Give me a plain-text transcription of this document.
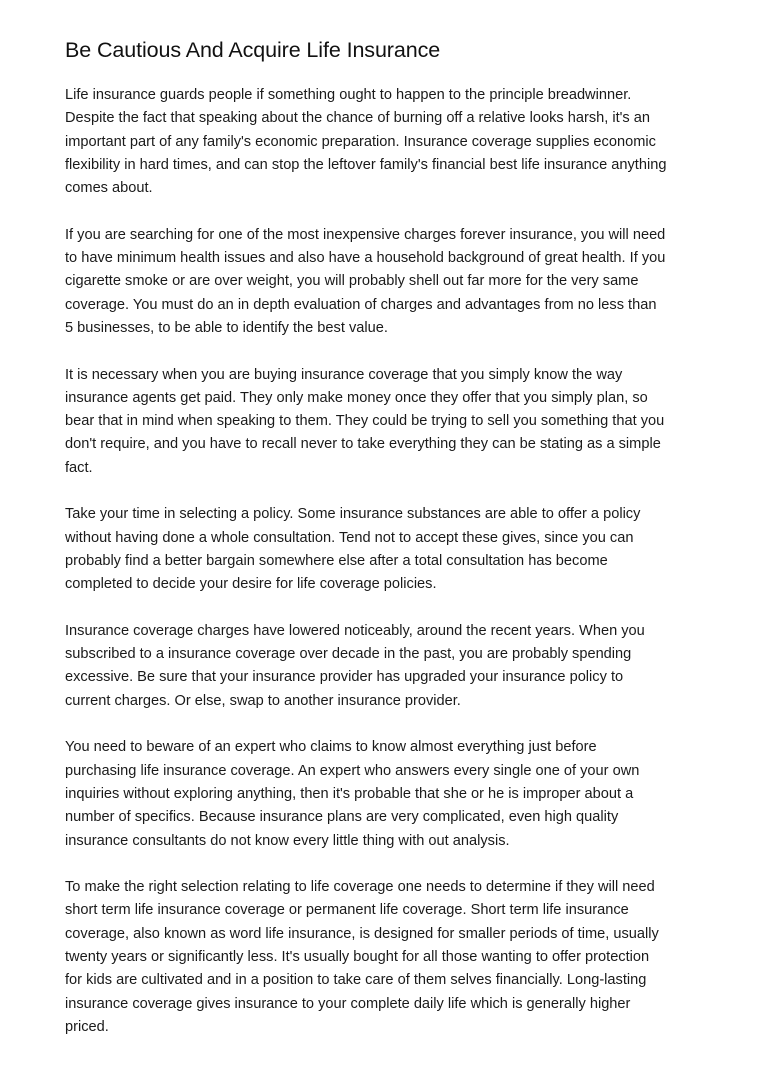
Be Cautious And Acquire Life Insurance

Life insurance guards people if something ought to happen to the principle breadwinner.
Despite the fact that speaking about the chance of burning off a relative looks harsh, it's an
important part of any family's economic preparation. Insurance coverage supplies economic
flexibility in hard times, and can stop the leftover family's financial best life insurance anything
comes about.

If you are searching for one of the most inexpensive charges forever insurance, you will need
to have minimum health issues and also have a household background of great health. If you
cigarette smoke or are over weight, you will probably shell out far more for the very same
coverage. You must do an in depth evaluation of charges and advantages from no less than
5 businesses, to be able to identify the best value.

It is necessary when you are buying insurance coverage that you simply know the way
insurance agents get paid. They only make money once they offer that you simply plan, so
bear that in mind when speaking to them. They could be trying to sell you something that you
don't require, and you have to recall never to take everything they can be stating as a simple
fact.

Take your time in selecting a policy. Some insurance substances are able to offer a policy
without having done a whole consultation. Tend not to accept these gives, since you can
probably find a better bargain somewhere else after a total consultation has become
completed to decide your desire for life coverage policies.

Insurance coverage charges have lowered noticeably, around the recent years. When you
subscribed to a insurance coverage over decade in the past, you are probably spending
excessive. Be sure that your insurance provider has upgraded your insurance policy to
current charges. Or else, swap to another insurance provider.

You need to beware of an expert who claims to know almost everything just before
purchasing life insurance coverage. An expert who answers every single one of your own
inquiries without exploring anything, then it's probable that she or he is improper about a
number of specifics. Because insurance plans are very complicated, even high quality
insurance consultants do not know every little thing with out analysis.

To make the right selection relating to life coverage one needs to determine if they will need
short term life insurance coverage or permanent life coverage. Short term life insurance
coverage, also known as word life insurance, is designed for smaller periods of time, usually
twenty years or significantly less. It's usually bought for all those wanting to offer protection
for kids are cultivated and in a position to take care of them selves financially. Long-lasting
insurance coverage gives insurance to your complete daily life which is generally higher
priced.
